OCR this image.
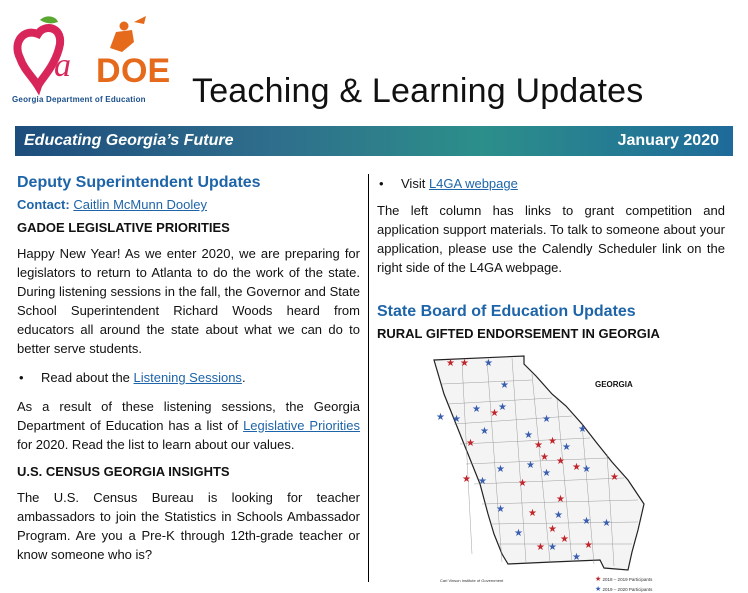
a D OE
Georgia Department of Education Teaching & Learning Updates
Educating Georgia’s Future	January 2020
Deputy Superintendent Updates
Contact: Caitlin McMunn Dooley
GADOE LEGISLATIVE PRIORITIES

Happy New Year! As we enter 2020, we are preparing for legislators to return to Atlanta to do the work of the state. During listening sessions in the fall, the Governor and State School Superintendent Richard Woods heard from educators all around the state about what we can do to better serve students.

• Read about the Listening Sessions.

As a result of these listening sessions, the Georgia Department of Education has a list of Legislative Priorities for 2020. Read the list to learn about our values.

U.S. CENSUS GEORGIA INSIGHTS

The U.S. Census Bureau is looking for teacher ambassadors to join the Statistics in Schools Ambassador Program. Are you a Pre-K through 12th-grade teacher or know someone who is?

• Visit L4GA webpage

The left column has links to grant competition and application support materials. To talk to someone about your application, please use the Calendly Scheduler link on the right side of the L4GA webpage.

State Board of Education Updates
RURAL GIFTED ENDORSEMENT IN GEORGIA
★ ★
★
★
★ ★
★ ★
★	★
★
★
★
★
★
★
★
★
★
★
★ ★
★ ★
★
★
★
★
★
★
★
★
★	★
★
★
★
★
★
★
★
Carl Vinson Institute of Government
GEORGIA
★ 2018 – 2019 Participants
★ 2019 – 2020 Participants
